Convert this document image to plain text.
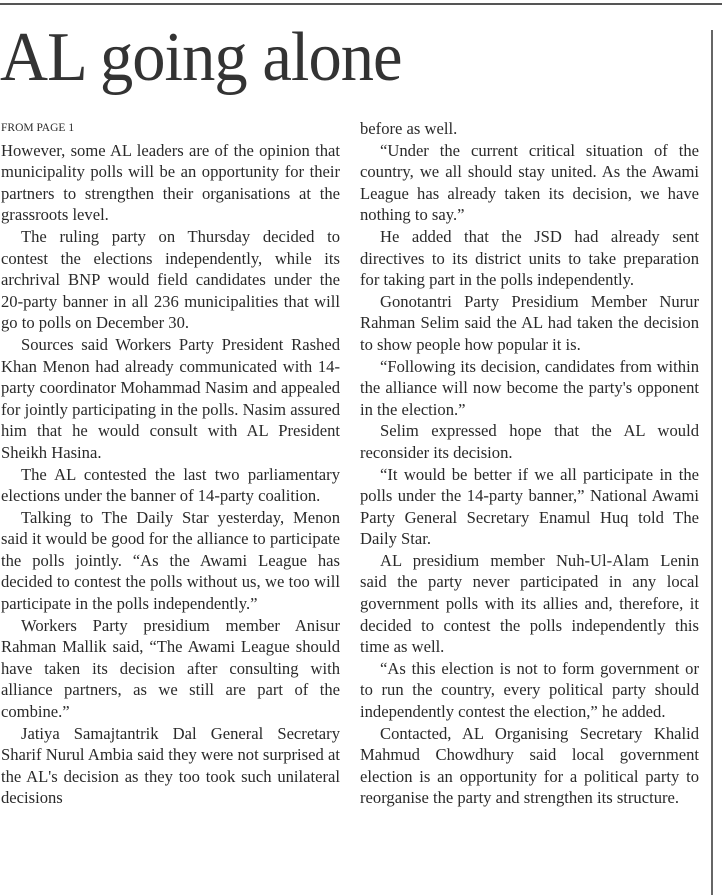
AL going alone
FROM PAGE 1

However, some AL leaders are of the opinion that municipality polls will be an opportunity for their partners to strengthen their organisations at the grassroots level.

The ruling party on Thursday decided to contest the elections independently, while its archrival BNP would field candidates under the 20-party banner in all 236 municipalities that will go to polls on December 30.

Sources said Workers Party President Rashed Khan Menon had already communicated with 14-party coordinator Mohammad Nasim and appealed for jointly participating in the polls. Nasim assured him that he would consult with AL President Sheikh Hasina.

The AL contested the last two parliamentary elections under the banner of 14-party coalition.

Talking to The Daily Star yesterday, Menon said it would be good for the alliance to participate the polls jointly. “As the Awami League has decided to contest the polls without us, we too will participate in the polls independently.”

Workers Party presidium member Anisur Rahman Mallik said, “The Awami League should have taken its decision after consulting with alliance partners, as we still are part of the combine.”

Jatiya Samajtantrik Dal General Secretary Sharif Nurul Ambia said they were not surprised at the AL's decision as they too took such unilateral decisions

before as well.

“Under the current critical situation of the country, we all should stay united. As the Awami League has already taken its decision, we have nothing to say.”

He added that the JSD had already sent directives to its district units to take preparation for taking part in the polls independently.

Gonotantri Party Presidium Member Nurur Rahman Selim said the AL had taken the decision to show people how popular it is.

“Following its decision, candidates from within the alliance will now become the party's opponent in the election.”

Selim expressed hope that the AL would reconsider its decision.

“It would be better if we all participate in the polls under the 14-party banner,” National Awami Party General Secretary Enamul Huq told The Daily Star.

AL presidium member Nuh-Ul-Alam Lenin said the party never participated in any local government polls with its allies and, therefore, it decided to contest the polls independently this time as well.

“As this election is not to form government or to run the country, every political party should independently contest the election,” he added.

Contacted, AL Organising Secretary Khalid Mahmud Chowdhury said local government election is an opportunity for a political party to reorganise the party and strengthen its structure.
